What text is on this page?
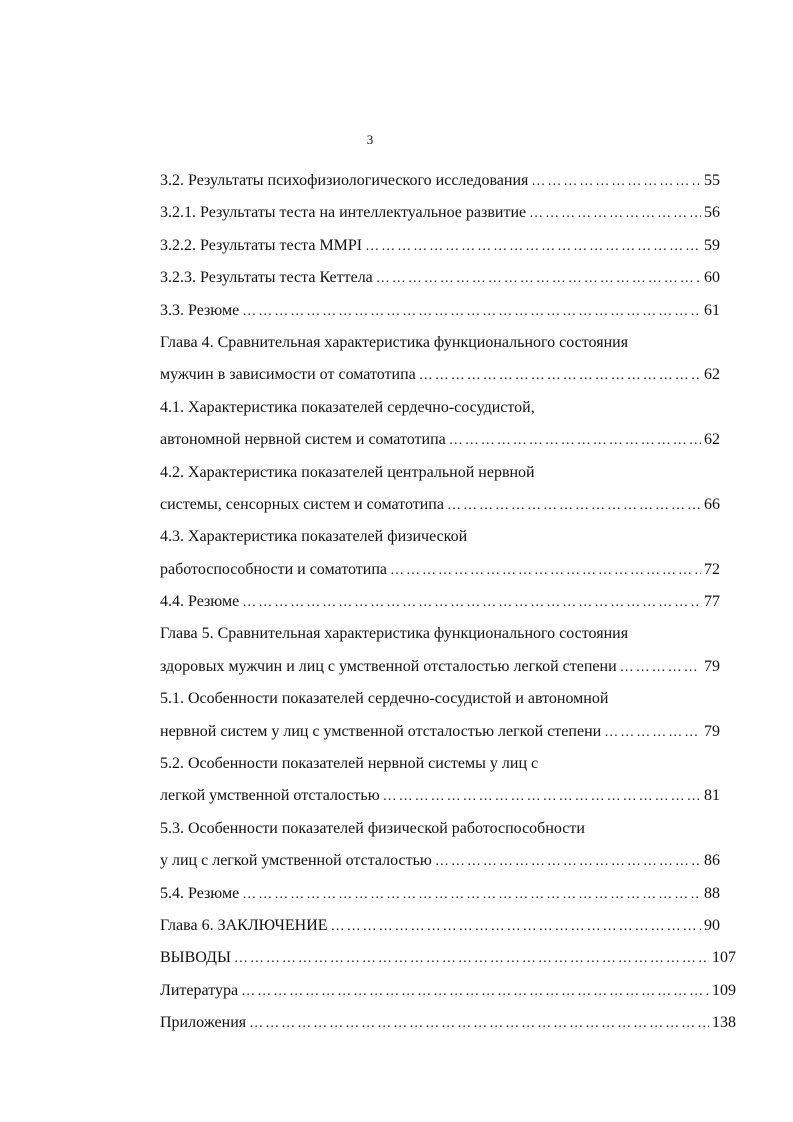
3
3.2. Результаты психофизиологического исследования …………………………………………………………………………………………………………………………………………………………………………	55
3.2.1. Результаты теста на интеллектуальное развитие …………………………………………………………………………………………………………………………………………………………………………	56
3.2.2. Результаты теста MMPI …………………………………………………………………………………………………………………………………………………………………………	59
3.2.3. Результаты теста Кеттела …………………………………………………………………………………………………………………………………………………………………………	60
3.3. Резюме …………………………………………………………………………………………………………………………………………………………………………	61
Глава 4. Сравнительная характеристика функционального состояния
мужчин в зависимости от соматотипа …………………………………………………………………………………………………………………………………………………………………………	62
4.1. Характеристика показателей сердечно-сосудистой,
автономной нервной систем и соматотипа …………………………………………………………………………………………………………………………………………………………………………	62
4.2. Характеристика показателей центральной нервной
системы, сенсорных систем и соматотипа …………………………………………………………………………………………………………………………………………………………………………	66
4.3. Характеристика показателей физической
работоспособности и соматотипа …………………………………………………………………………………………………………………………………………………………………………	72
4.4. Резюме …………………………………………………………………………………………………………………………………………………………………………	77
Глава 5. Сравнительная характеристика функционального состояния
здоровых мужчин и лиц с умственной отсталостью легкой степени …………………………………………………………………………………………………………………………………………………………………………	79
5.1. Особенности показателей сердечно-сосудистой и автономной
нервной систем у лиц с умственной отсталостью легкой степени …………………………………………………………………………………………………………………………………………………………………………	79
5.2. Особенности показателей нервной системы у лиц с
легкой умственной отсталостью …………………………………………………………………………………………………………………………………………………………………………	81
5.3. Особенности показателей физической работоспособности
у лиц с легкой умственной отсталостью …………………………………………………………………………………………………………………………………………………………………………	86
5.4. Резюме …………………………………………………………………………………………………………………………………………………………………………	88
Глава 6. ЗАКЛЮЧЕНИЕ …………………………………………………………………………………………………………………………………………………………………………	90
ВЫВОДЫ …………………………………………………………………………………………………………………………………………………………………………	107
Литература …………………………………………………………………………………………………………………………………………………………………………	109
Приложения …………………………………………………………………………………………………………………………………………………………………………	138
